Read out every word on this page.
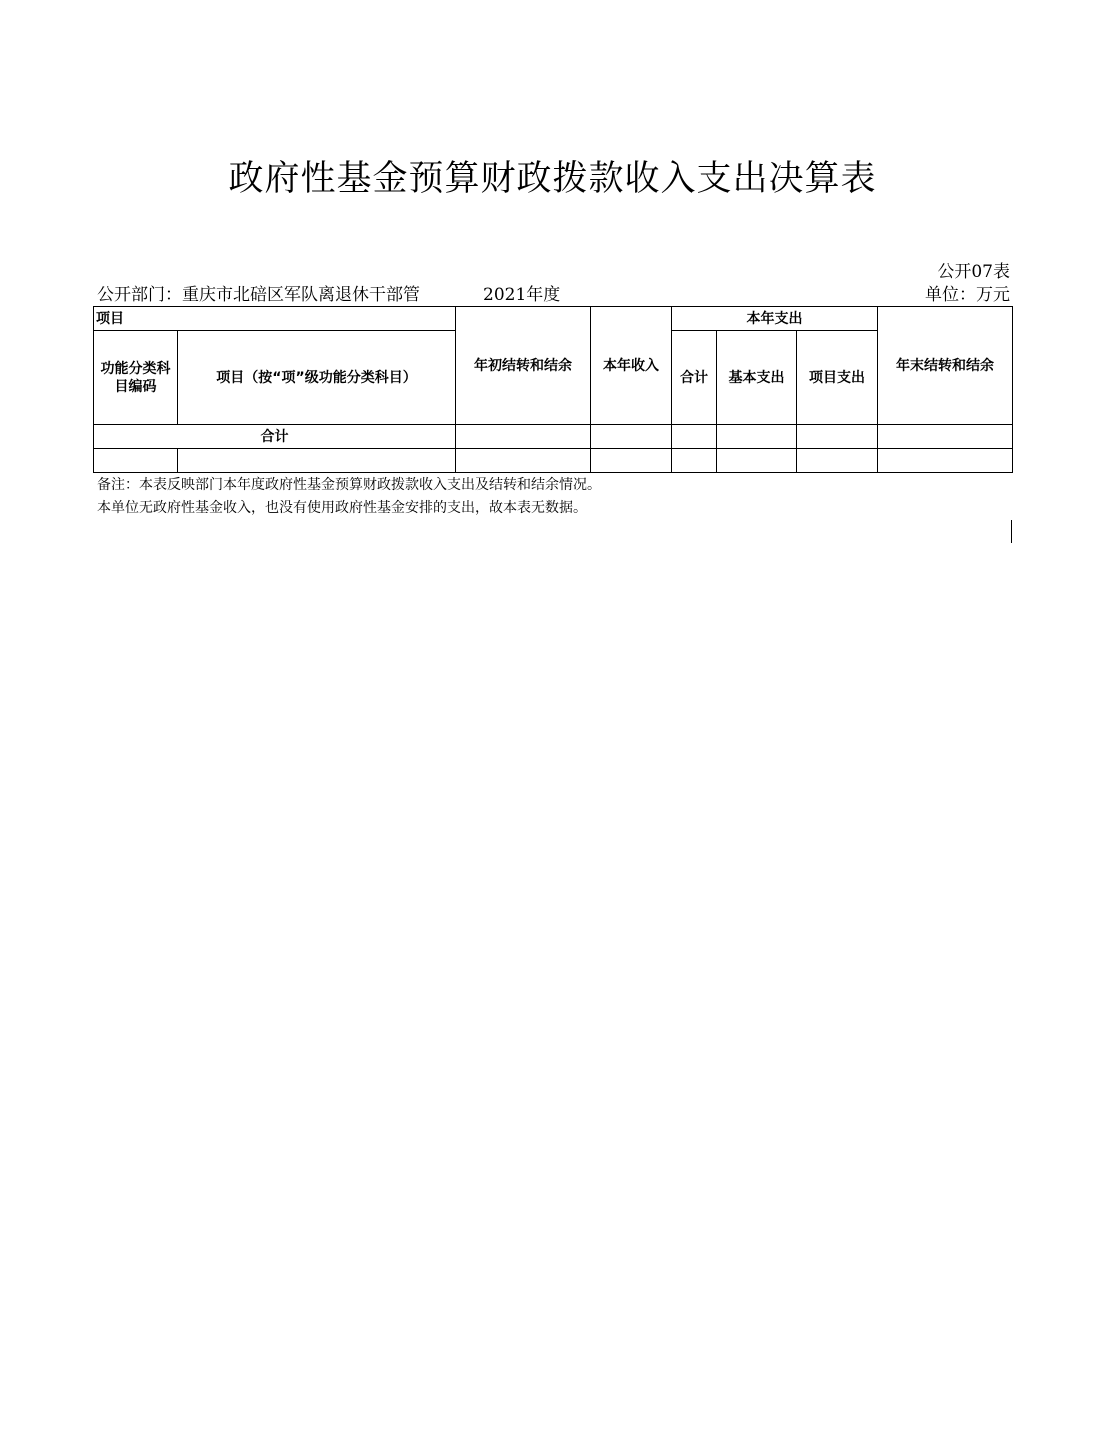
政府性基金预算财政拨款收入支出决算表
公开07表
公开部门：重庆市北碚区军队离退休干部管	2021年度	单位：万元
项目		年初结转和结余	本年收入	本年支出			年末结转和结余
功能分类科目编码	项目（按“项”级功能分类科目）			合计	基本支出	项目支出	
合计							

备注：本表反映部门本年度政府性基金预算财政拨款收入支出及结转和结余情况。
本单位无政府性基金收入，也没有使用政府性基金安排的支出，故本表无数据。
